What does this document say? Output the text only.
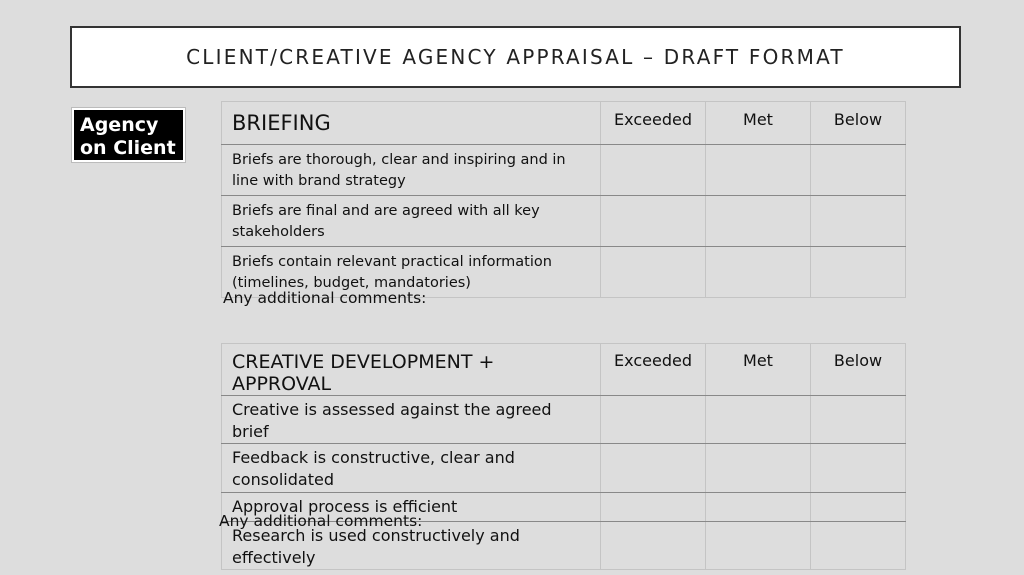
CLIENT/CREATIVE AGENCY APPRAISAL – DRAFT FORMAT
Agency on Client
BRIEFING	Exceeded	Met	Below
Briefs are thorough, clear and inspiring and in line with brand strategy			
Briefs are final and are agreed with all key stakeholders			
Briefs contain relevant practical information (timelines, budget, mandatories)			
Any additional comments:
CREATIVE DEVELOPMENT + APPROVAL	Exceeded	Met	Below
Creative is assessed against the agreed brief			
Feedback is constructive, clear and consolidated			
Approval process is efficient			
Research is used constructively and effectively			
Any additional comments:
